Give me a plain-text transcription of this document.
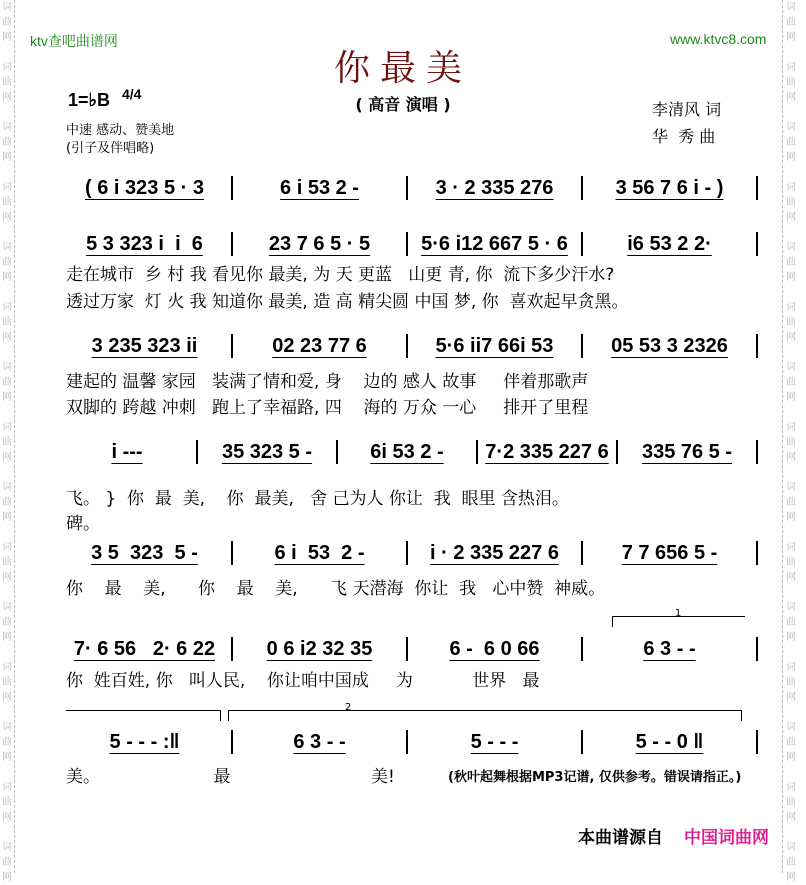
词曲网
词曲网
词曲网
词曲网
词曲网
词曲网
词曲网
词曲网
词曲网
词曲网
词曲网
词曲网
词曲网
词曲网
词曲网
词曲网
词曲网
词曲网
词曲网
词曲网
词曲网
词曲网
词曲网
词曲网
词曲网
词曲网
词曲网
词曲网
词曲网
词曲网
ktv查吧曲谱网	www.ktvc8.com
你最美
1=♭B 4/4
( 高音 演唱 )
中速 感动、赞美地
(引子及伴唱略)
李清风 词
华  秀 曲
( 6 i 323 5 · 3	6 i 53 2 -	3 · 2 335 276	3 56 7 6 i - )
5 3 323 i  i  6	23 7 6 5 · 5	5·6 i12 667 5 · 6	i6 53 2 2·
走在城市  乡 村 我 看见你 最美, 为 天 更蓝   山更 青, 你  流下多少汗水?
透过万家  灯 火 我 知道你 最美, 造 高 精尖圆 中国 梦, 你  喜欢起早贪黑。
3 235 323 ii	02 23 77 6	5·6 ii7 66i 53	05 53 3 2326
建起的 温馨 家园   装满了情和爱, 身    边的 感人 故事     伴着那歌声
双脚的 跨越 冲刺   跑上了幸福路, 四    海的 万众 一心     排开了里程
i ---	35 323 5 -	6i 53 2 -	7·2 335 227 6	335 76 5 -
飞。 }  你  最  美,    你  最美,   舍 己为人 你让  我  眼里 含热泪。
碑。
3 5  323  5 -	6 i  53  2 -	i · 2 335 227 6	7 7 656 5 -
你    最    美,      你    最    美,      飞 天潜海  你让  我   心中赞  神威。
7· 6 56   2· 6 22	0 6 i2 32 35	6 -  6 0 66	6 3 - -
你  姓百姓, 你   叫人民,    你让咱中国成     为           世界   最
5 - - - :‖	6 3 - -	5 - - -	5 - - 0 ‖
美。                     最                          美!
1
2
(秋叶起舞根据MP3记谱, 仅供参考。错误请指正。)
本曲谱源自 中国词曲网
